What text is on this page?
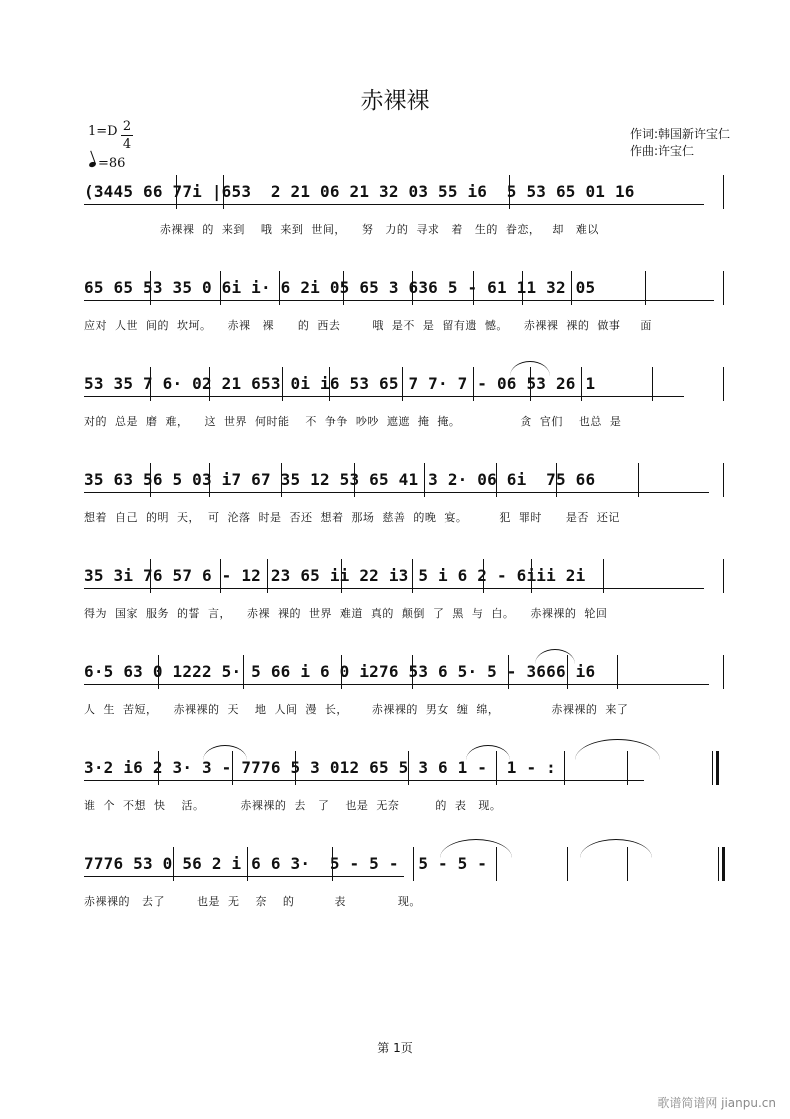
赤裸裸
1=D 2
4
=86
作词:韩国新许宝仁
作曲:许宝仁
(3445 66 77i |653  2 21 06 21 32 03 55 i6  5 53 65 01 16
赤裸裸  的  来到    哦  来到  世间，    努   力的  寻求   着   生的  眷恋，   却   难以
65 65 53 35 0 6i i· 6 2i 05 65 3 636 5 - 61 11 32 05
应对  人世  间的  坎坷。    赤裸   裸      的  西去        哦  是不  是  留有遗  憾。    赤裸裸  裸的  做事     面
53 35 7 6· 02 21 653 0i i6 53 65 7 7· 7 - 06 53 26 1
对的  总是  磨  难，    这  世界  何时能    不  争争  吵吵  遮遮  掩  掩。               贪  官们    也总  是
35 63 56 5 03 i7 67 35 12 53 65 41 3 2· 06 6i  75 66
想着  自己  的明  天，  可  沦落  时是  否还  想着  那场  慈善  的晚  宴。        犯  罪时      是否  还记
35 3i 76 57 6 - 12 23 65 ii 22 i3 5 i 6 2 - 6iii 2i
得为  国家  服务  的誓  言，    赤裸  裸的  世界  难道  真的  颠倒  了  黑  与  白。    赤裸裸的  轮回
6·5 63 0 1222 5· 5 66 i 6 0 i276 53 6 5· 5 - 3666 i6
人  生  苦短，    赤裸裸的  天    地  人间  漫  长，      赤裸裸的  男女  缠  绵，             赤裸裸的  来了
3·2 i6 2 3· 3 - 7776 5 3 012 65 5 3 6 1 -  1 - :
谁  个  不想  快    活。         赤裸裸的  去   了    也是  无奈         的  表   现。
7776 53 0 56 2 i 6 6 3·  5 - 5 -  5 - 5 -
赤裸裸的   去了        也是  无    奈    的          表             现。
第 1页
歌谱简谱网 jianpu.cn
